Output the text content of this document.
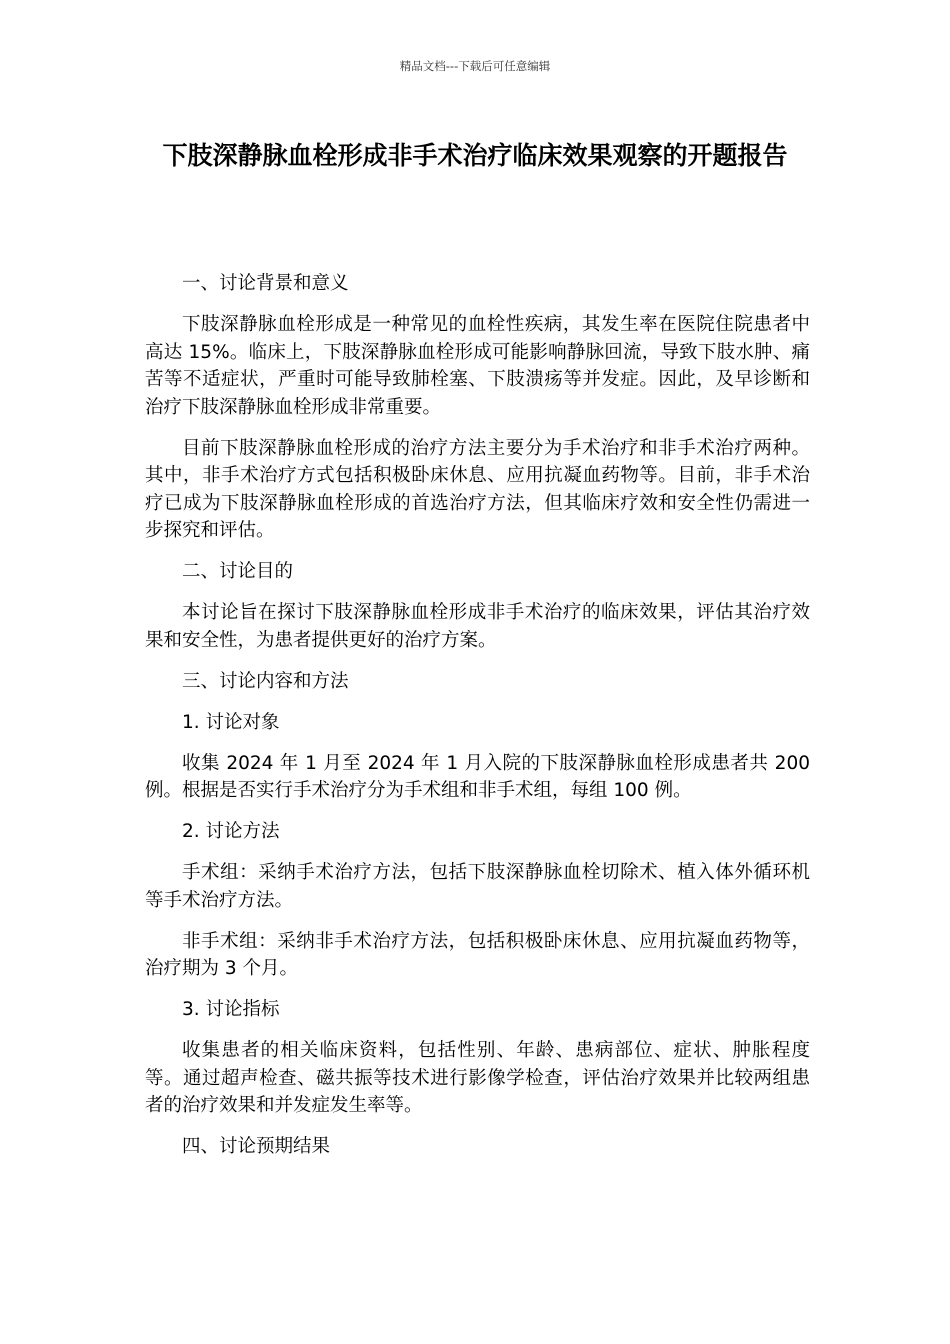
精品文档---下载后可任意编辑
下肢深静脉血栓形成非手术治疗临床效果观察的开题报告

一、讨论背景和意义

下肢深静脉血栓形成是一种常见的血栓性疾病，其发生率在医院住院患者中高达 15%。临床上，下肢深静脉血栓形成可能影响静脉回流，导致下肢水肿、痛苦等不适症状，严重时可能导致肺栓塞、下肢溃疡等并发症。因此，及早诊断和治疗下肢深静脉血栓形成非常重要。

目前下肢深静脉血栓形成的治疗方法主要分为手术治疗和非手术治疗两种。其中，非手术治疗方式包括积极卧床休息、应用抗凝血药物等。目前，非手术治疗已成为下肢深静脉血栓形成的首选治疗方法，但其临床疗效和安全性仍需进一步探究和评估。

二、讨论目的

本讨论旨在探讨下肢深静脉血栓形成非手术治疗的临床效果，评估其治疗效果和安全性，为患者提供更好的治疗方案。

三、讨论内容和方法

1. 讨论对象

收集 2024 年 1 月至 2024 年 1 月入院的下肢深静脉血栓形成患者共 200 例。根据是否实行手术治疗分为手术组和非手术组，每组 100 例。

2. 讨论方法

手术组：采纳手术治疗方法，包括下肢深静脉血栓切除术、植入体外循环机等手术治疗方法。

非手术组：采纳非手术治疗方法，包括积极卧床休息、应用抗凝血药物等，治疗期为 3 个月。

3. 讨论指标

收集患者的相关临床资料，包括性别、年龄、患病部位、症状、肿胀程度等。通过超声检查、磁共振等技术进行影像学检查，评估治疗效果并比较两组患者的治疗效果和并发症发生率等。

四、讨论预期结果
